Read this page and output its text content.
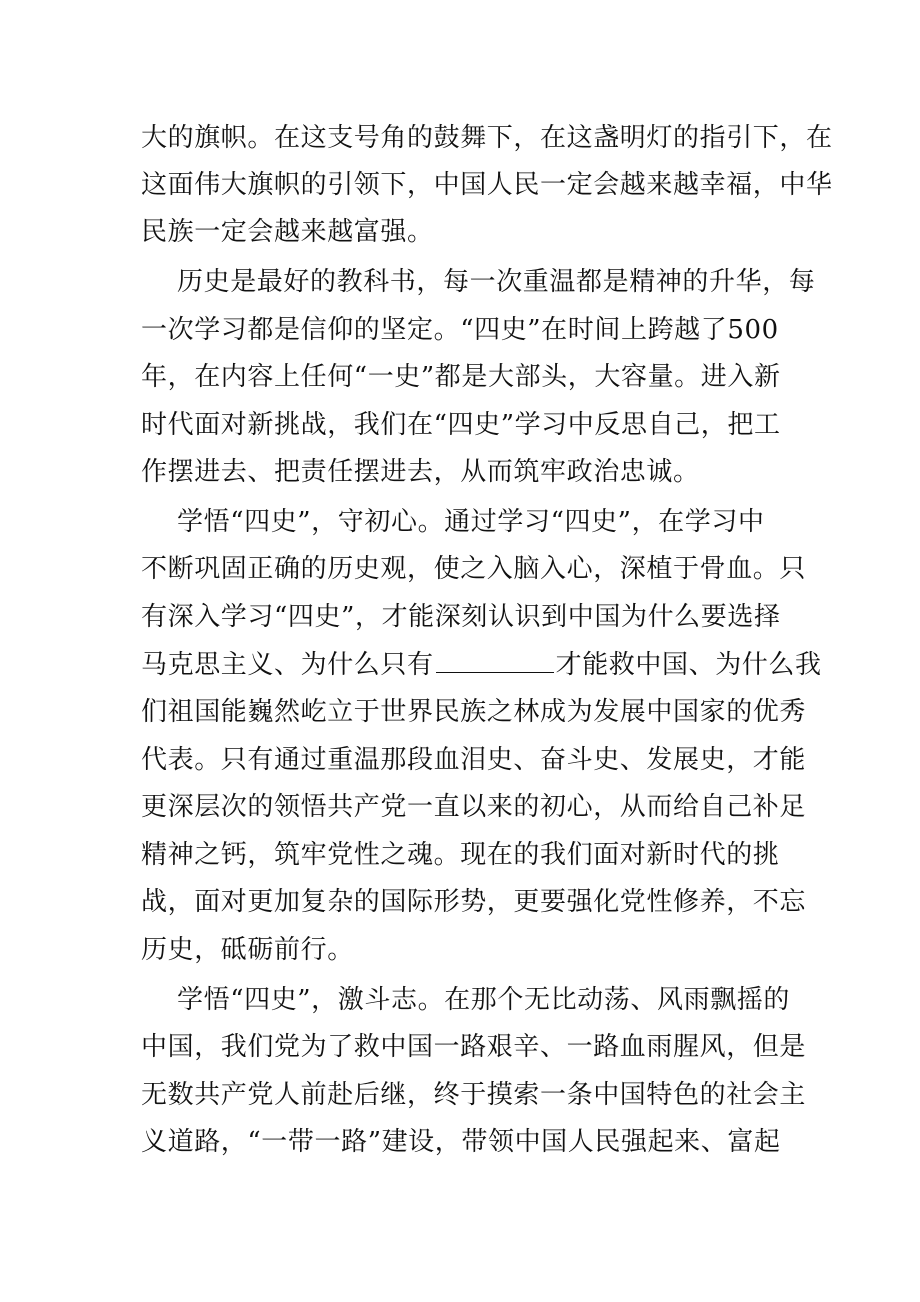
大的旗帜。在这支号角的鼓舞下，在这盏明灯的指引下，在
这面伟大旗帜的引领下，中国人民一定会越来越幸福，中华
民族一定会越来越富强。
历史是最好的教科书，每一次重温都是精神的升华，每
一次学习都是信仰的坚定。“四史”在时间上跨越了500
年，在内容上任何“一史”都是大部头，大容量。进入新
时代面对新挑战，我们在“四史”学习中反思自己，把工
作摆进去、把责任摆进去，从而筑牢政治忠诚。
学悟“四史”，守初心。通过学习“四史”，在学习中
不断巩固正确的历史观，使之入脑入心，深植于骨血。只
有深入学习“四史”，才能深刻认识到中国为什么要选择
马克思主义、为什么只有	才能救中国、为什么我
们祖国能巍然屹立于世界民族之林成为发展中国家的优秀
代表。只有通过重温那段血泪史、奋斗史、发展史，才能
更深层次的领悟共产党一直以来的初心，从而给自己补足
精神之钙，筑牢党性之魂。现在的我们面对新时代的挑
战，面对更加复杂的国际形势，更要强化党性修养，不忘
历史，砥砺前行。
学悟“四史”，激斗志。在那个无比动荡、风雨飘摇的
中国，我们党为了救中国一路艰辛、一路血雨腥风，但是
无数共产党人前赴后继，终于摸索一条中国特色的社会主
义道路，“一带一路”建设，带领中国人民强起来、富起
